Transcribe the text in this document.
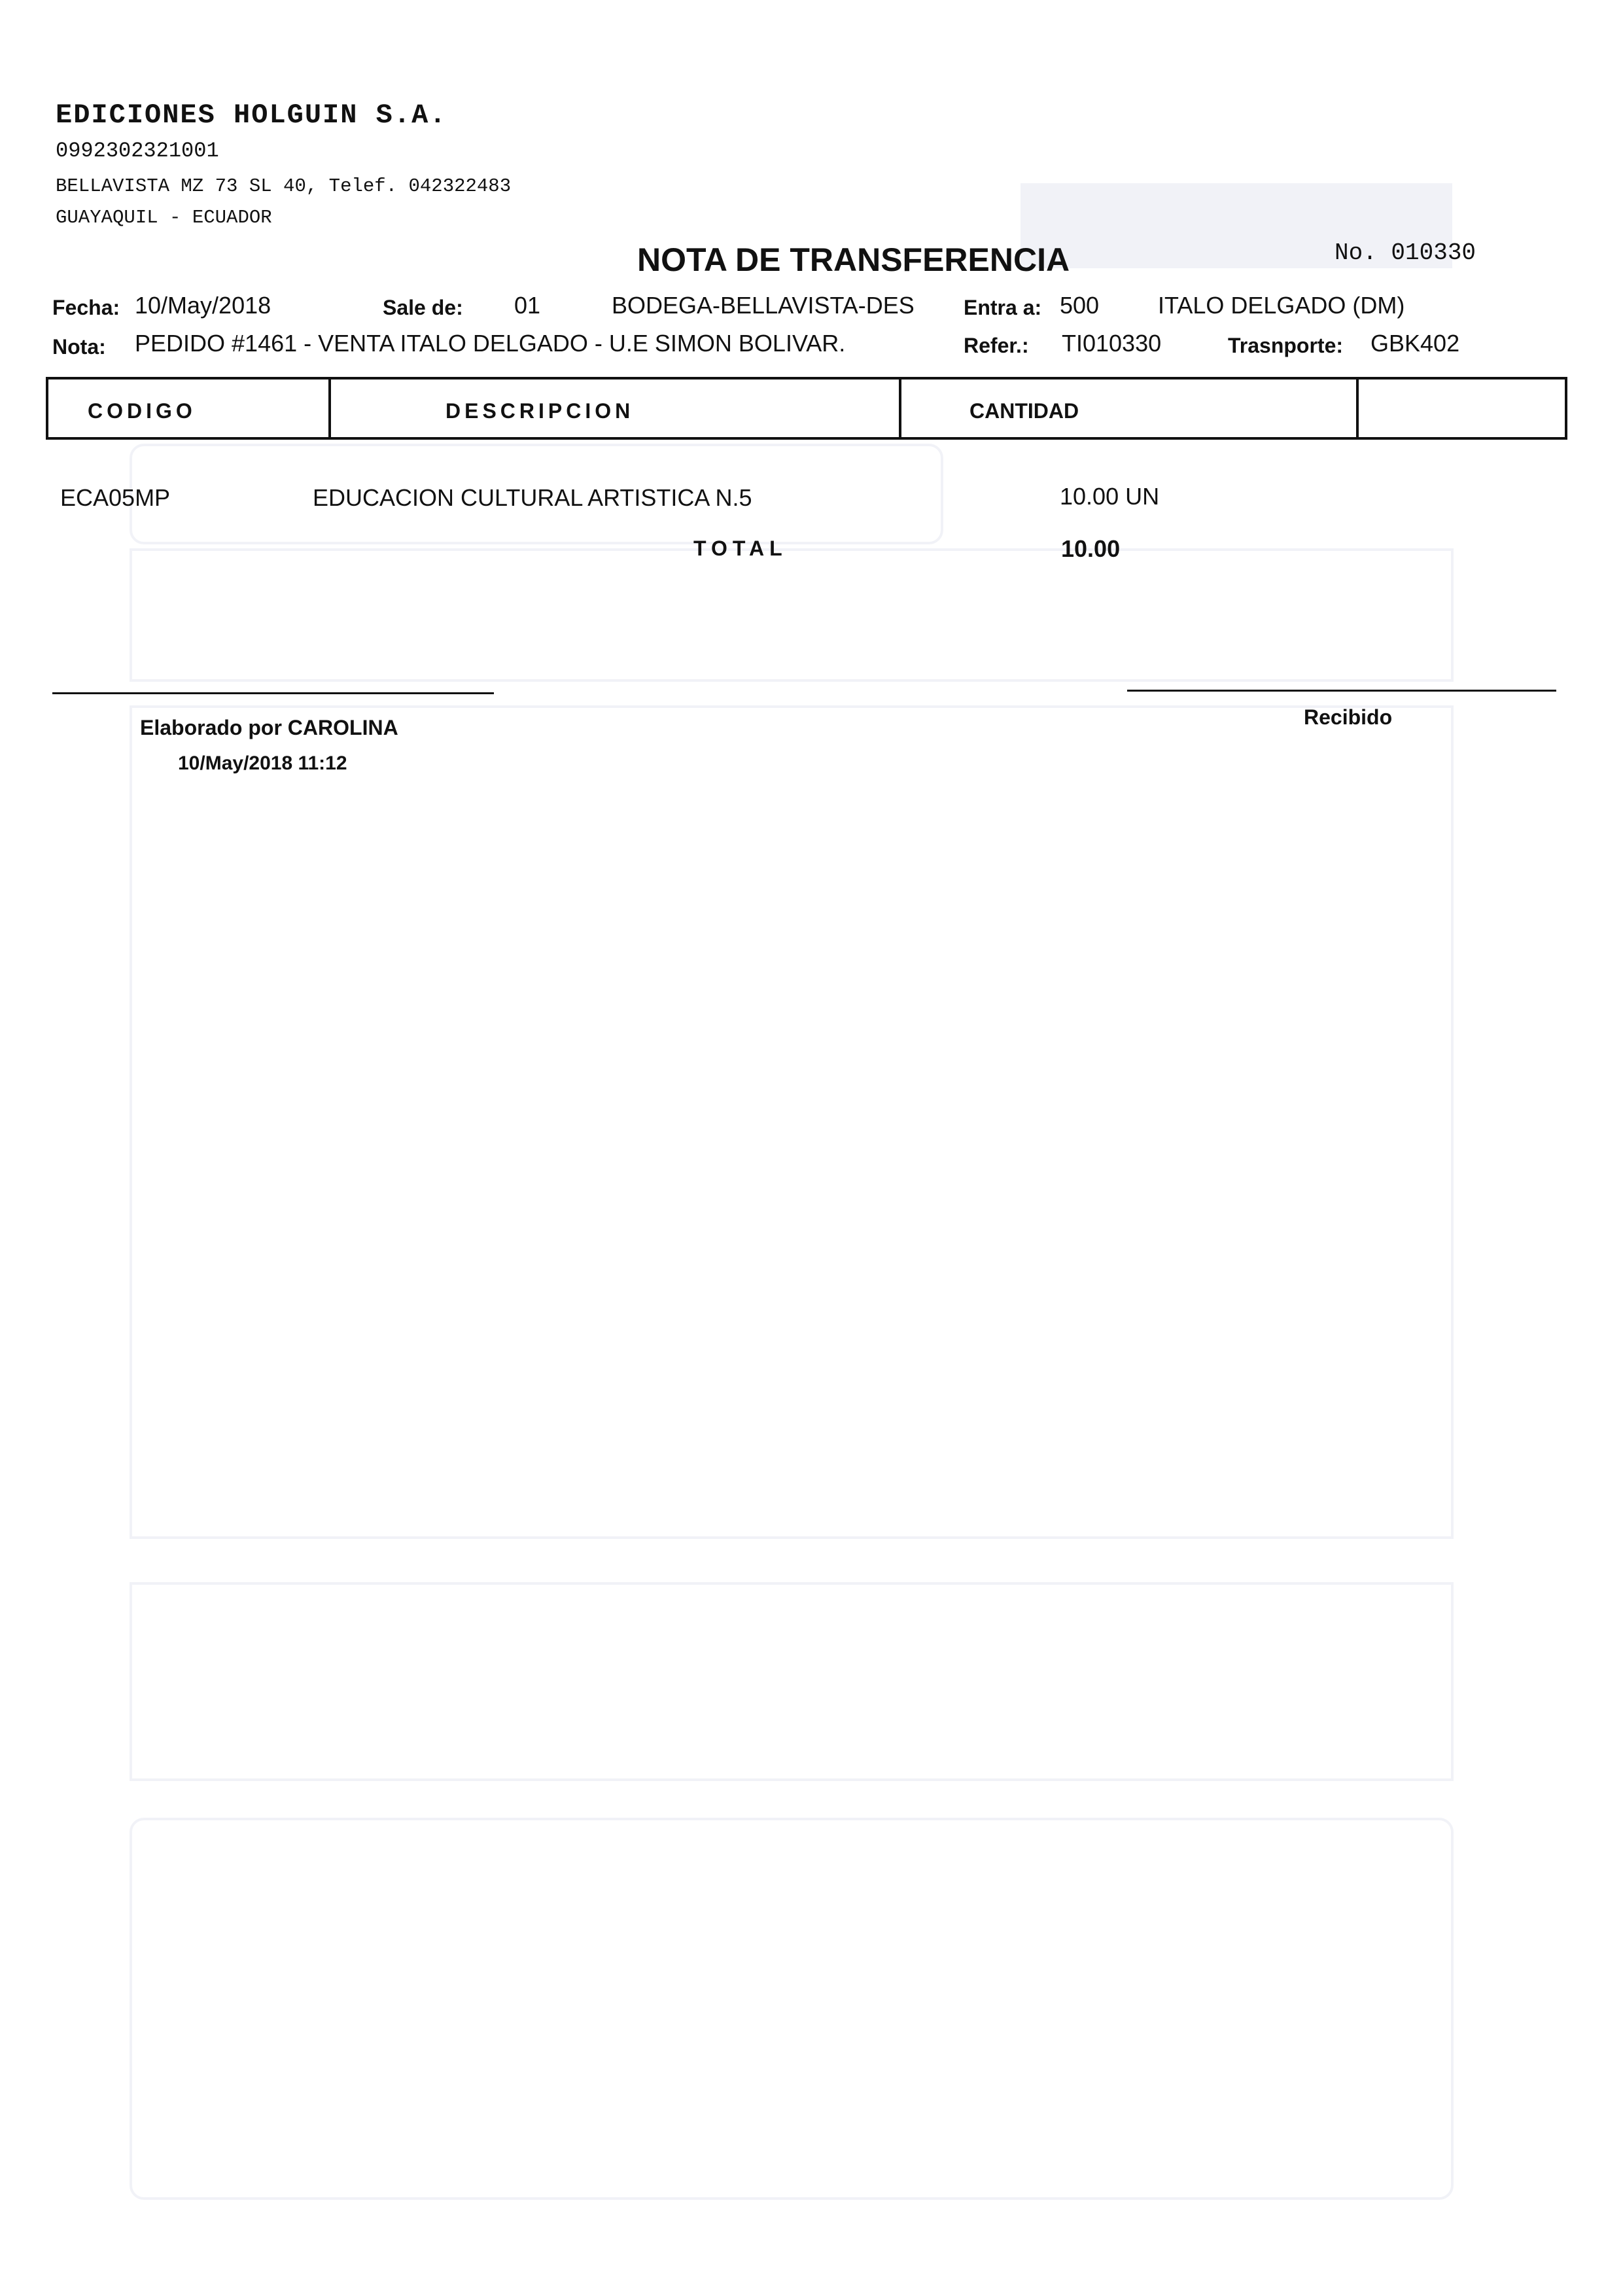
EDICIONES HOLGUIN S.A.
0992302321001
BELLAVISTA MZ 73 SL 40, Telef. 042322483
GUAYAQUIL - ECUADOR
NOTA DE TRANSFERENCIA	No. 010330
Fecha: 10/May/2018	Sale de: 01	BODEGA-BELLAVISTA-DES Entra a: 500 ITALO DELGADO (DM)
Nota: PEDIDO #1461 - VENTA ITALO DELGADO - U.E SIMON BOLIVAR.	Refer.: TI010330	Trasnporte: GBK402
CODIGO	DESCRIPCION	CANTIDAD
ECA05MP	EDUCACION CULTURAL ARTISTICA N.5	10.00 UN
TOTAL	10.00
Elaborado por CAROLINA
10/May/2018 11:12
Recibido
